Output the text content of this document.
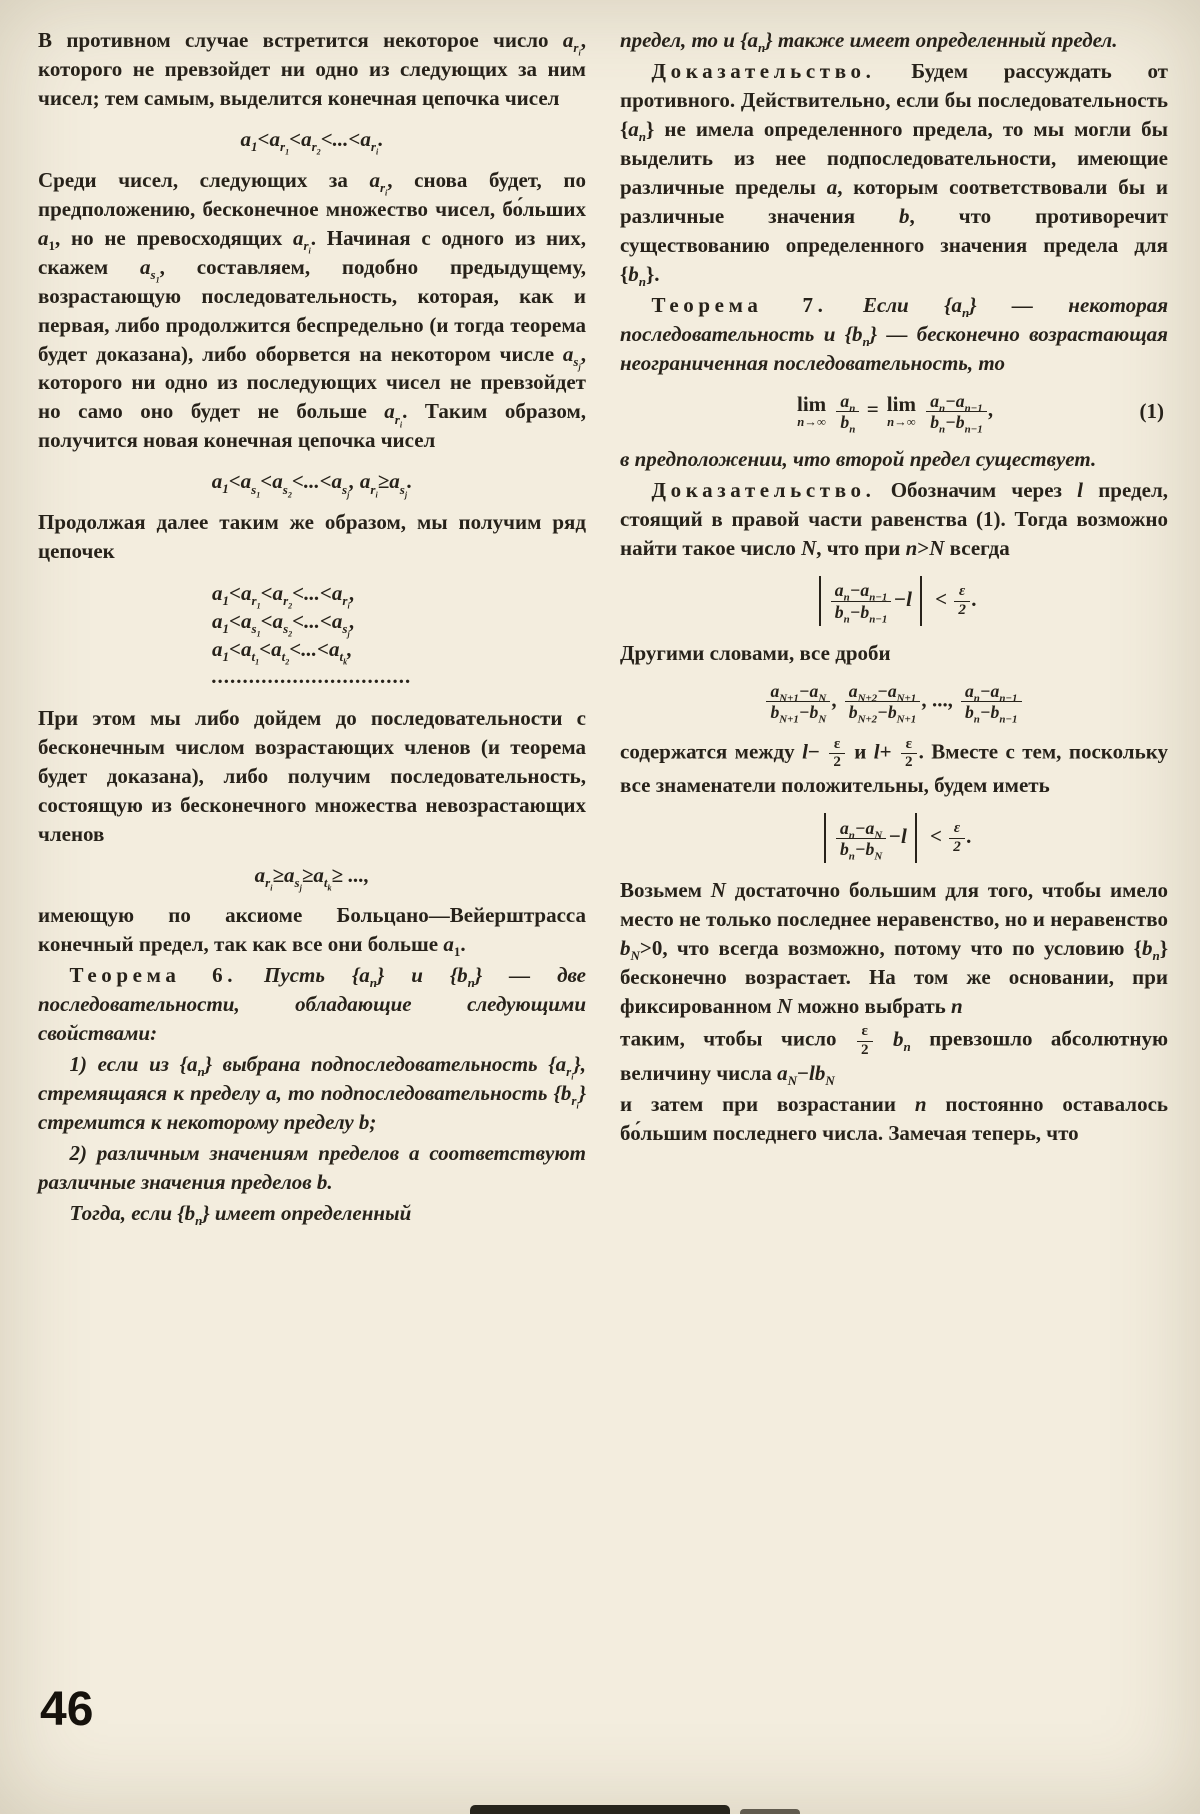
В противном случае встретится некоторое число $a_{r_i}$, которого не превзойдет ни одно из следующих за ним чисел; тем самым, выделится конечная цепочка чисел

$a_1<a_{r_1}<a_{r_2}<...<a_{r_i}$.

Среди чисел, следующих за $a_{r_i}$, снова будет, по предположению, бесконечное множество чисел, бо́льших $a_1$, но не превосходящих $a_{r_i}$. Начиная с одного из них, скажем $a_{s_1}$, составляем, подобно предыдущему, возрастающую последовательность, которая, как и первая, либо продолжится беспредельно (и тогда теорема будет доказана), либо оборвется на некотором числе $a_{s_j}$, которого ни одно из последующих чисел не превзойдет но само оно будет не больше $a_{r_i}$. Таким образом, получится новая конечная цепочка чисел

$a_1<a_{s_1}<a_{s_2}<...<a_{s_j}$, $a_{r_i}\ge a_{s_j}$.

Продолжая далее таким же образом, мы получим ряд цепочек

$a_1<a_{r_1}<a_{r_2}<...<a_{r_i}$,
$a_1<a_{s_1}<a_{s_2}<...<a_{s_j}$,
$a_1<a_{t_1}<a_{t_2}<...<a_{t_k}$,
................................

При этом мы либо дойдем до последовательности с бесконечным числом возрастающих членов (и теорема будет доказана), либо получим последовательность, состоящую из бесконечного множества невозрастающих членов

$a_{r_i}\ge a_{s_j}\ge a_{t_k}\ge$ ...,

имеющую по аксиоме Больцано—Вейерштрасса конечный предел, так как все они больше $a_1$.

Теорема 6. Пусть $\{a_n\}$ и $\{b_n\}$ — две последовательности, обладающие следующими свойствами:

1) если из $\{a_n\}$ выбрана подпоследовательность $\{a_{r_i}\}$, стремящаяся к пределу a, то подпоследовательность $\{b_{r_i}\}$ стремится к некоторому пределу b;

2) различным значениям пределов a соответствуют различные значения пределов b.

Тогда, если $\{b_n\}$ имеет определенный

предел, то и $\{a_n\}$ также имеет определенный предел.

Доказательство. Будем рассуждать от противного. Действительно, если бы последовательность $\{a_n\}$ не имела определенного предела, то мы могли бы выделить из нее подпоследовательности, имеющие различные пределы a, которым соответствовали бы и различные значения b, что противоречит существованию определенного значения предела для $\{b_n\}$.

Теорема 7. Если $\{a_n\}$ — некоторая последовательность и $\{b_n\}$ — бесконечно возрастающая неограниченная последовательность, то

lim
n→∞
$\frac{a_n}{b_n} = \lim$
n→∞
$\frac{a_n-a_{n-1}}{b_n-b_{n-1}}$ ,	(1)

в предположении, что второй предел существует.

Доказательство. Обозначим через l предел, стоящий в правой части равенства (1). Тогда возможно найти такое число N, что при n>N всегда

$\frac{a_n-a_{n-1}}{b_n-b_{n-1}} -l < \frac{\varepsilon}{2}$ .

Другими словами, все дроби

$\frac{a_{N+1}-a_N}{b_{N+1}-b_N}$ , $\frac{a_{N+2}-a_{N+1}}{b_{N+2}-b_{N+1}}$ , ..., $\frac{a_n-a_{n-1}}{b_n-b_{n-1}}$

содержатся между $l- \frac{\varepsilon}{2}$ и $l+ \frac{\varepsilon}{2}$ . Вместе с тем, поскольку все знаменатели положительны, будем иметь

$\frac{a_n-a_N}{b_n-b_N} -l < \frac{\varepsilon}{2}$ .

Возьмем N достаточно большим для того, чтобы имело место не только последнее неравенство, но и неравенство $b_N>0$, что всегда возможно, потому что по условию $\{b_n\}$ бесконечно возрастает. На том же основании, при фиксированном N можно выбрать n

таким, чтобы число $\frac{\varepsilon}{2} b_n$ превзошло абсолютную величину числа $a_N-lb_N$

и затем при возрастании n постоянно оставалось бо́льшим последнего числа. Замечая теперь, что

46
